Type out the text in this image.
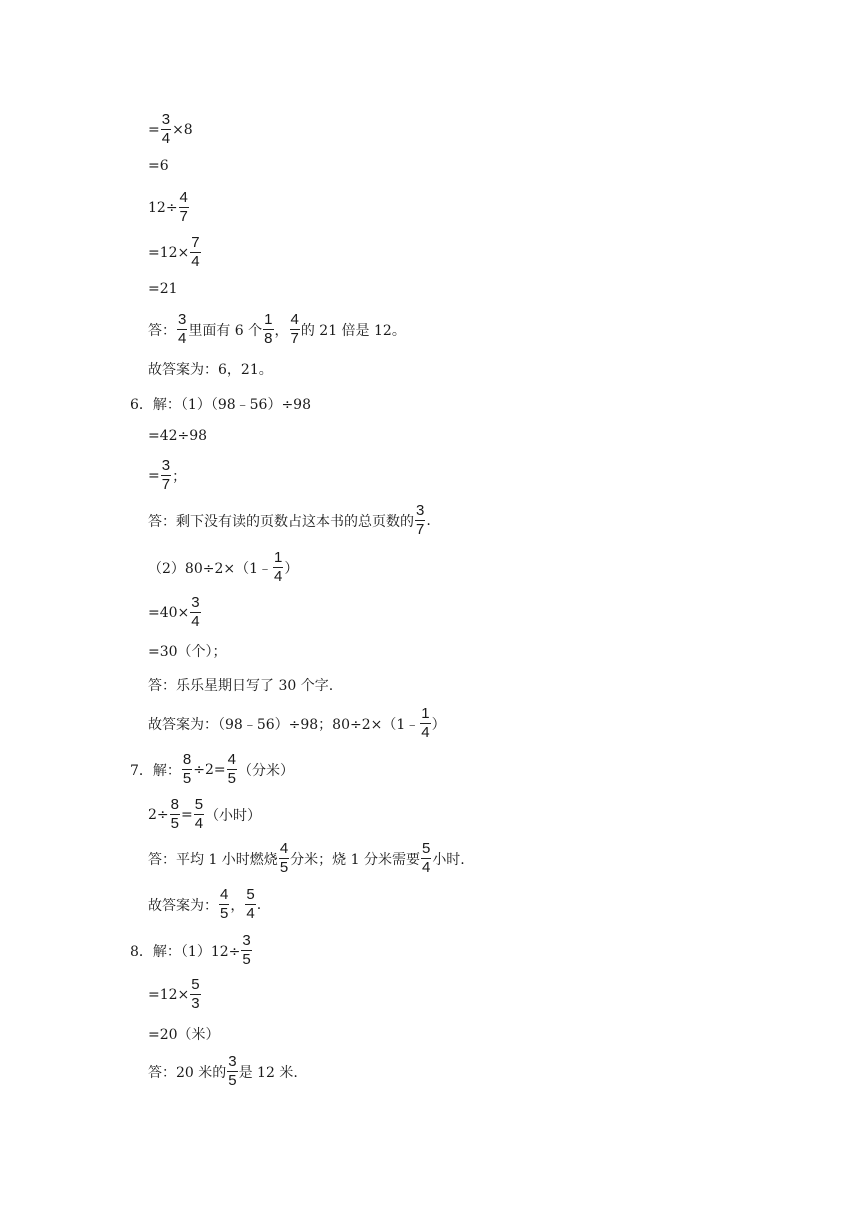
= $\frac{3}{4} \times 8$
=6
$12\div \frac{4}{7}$
$=12\times \frac{7}{4}$
=21
答： $\frac{3}{4}$ 里面有 6 个 $\frac{1}{8}$ ， $\frac{4}{7}$ 的 21 倍是 12。
故答案为：6，21。
6．解：（1）（98﹣56）÷98
=42÷98
= $\frac{3}{7}$ ；
答：剩下没有读的页数占这本书的总页数的 $\frac{3}{7}$ .
（2）80÷2×（1﹣ $\frac{1}{4}$ ）
$=40\times \frac{3}{4}$
=30（个）；
答：乐乐星期日写了 30 个字.
故答案为：（98﹣56）÷98；80÷2×（1﹣ $\frac{1}{4}$ ）
7．解： $\frac{8}{5} \div 2= \frac{4}{5}$ （分米）
$2\div \frac{8}{5} = \frac{5}{4}$ （小时）
答：平均 1 小时燃烧 $\frac{4}{5}$ 分米；烧 1 分米需要 $\frac{5}{4}$ 小时.
故答案为： $\frac{4}{5}$ ， $\frac{5}{4}$ .
8．解：$(1)12\div \frac{3}{5}$
$=12\times \frac{5}{3}$
=20（米）
答：20 米的 $\frac{3}{5}$ 是 12 米.
